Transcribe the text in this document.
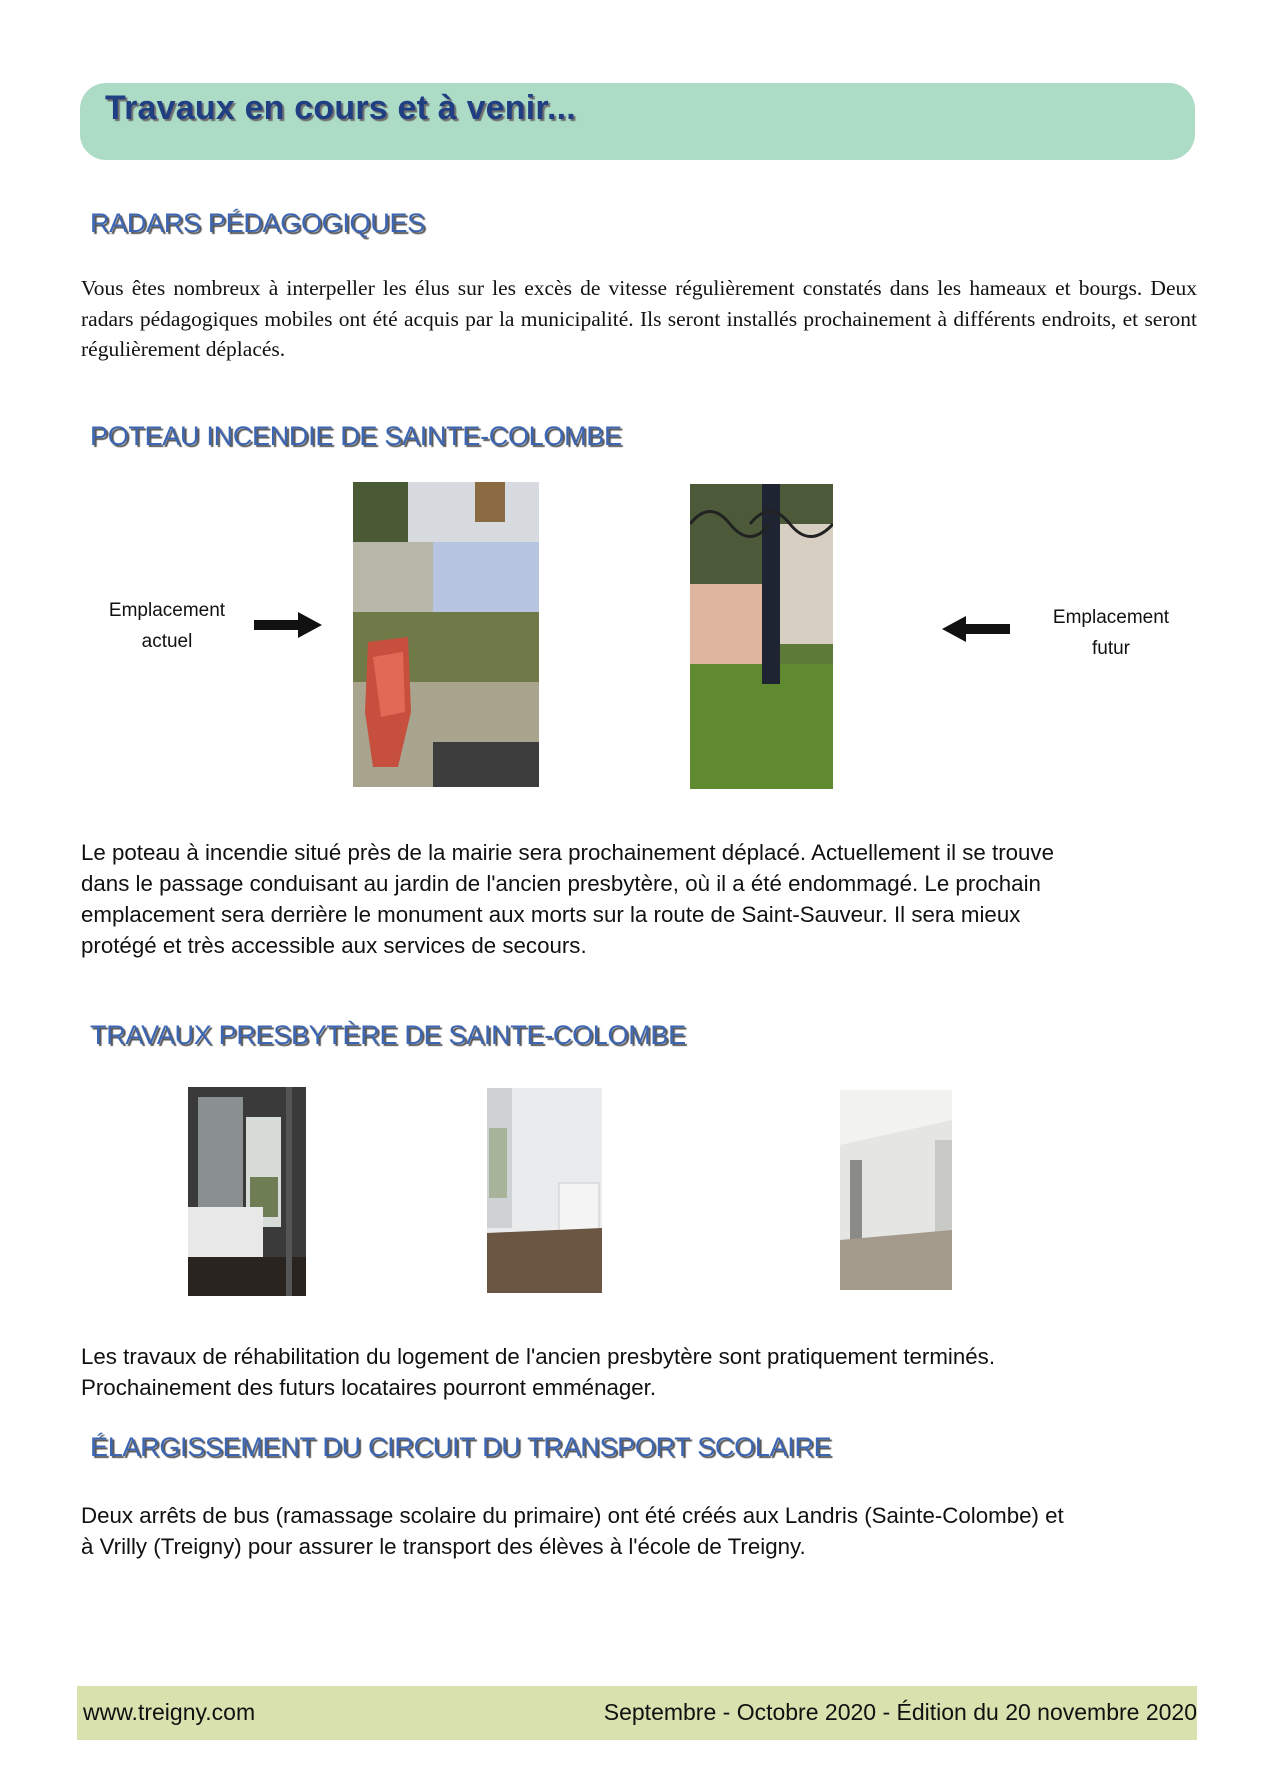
Travaux en cours et à venir...
RADARS PÉDAGOGIQUES

Vous êtes nombreux à interpeller les élus sur les excès de vitesse régulièrement constatés dans les hameaux et bourgs. Deux radars pédagogiques mobiles ont été acquis par la municipalité. Ils seront installés prochainement à différents endroits, et seront régulièrement déplacés.

POTEAU INCENDIE DE SAINTE-COLOMBE
Emplacement
actuel
Emplacement
futur
Le poteau à incendie situé près de la mairie sera prochainement déplacé. Actuellement il se trouve
dans le passage conduisant au jardin de l'ancien presbytère, où il a été endommagé. Le prochain
emplacement sera derrière le monument aux morts sur la route de Saint-Sauveur. Il sera mieux
protégé et très accessible aux services de secours.
TRAVAUX PRESBYTÈRE DE SAINTE-COLOMBE
Les travaux de réhabilitation du logement de l'ancien presbytère sont pratiquement terminés.
Prochainement des futurs locataires pourront emménager.
ÉLARGISSEMENT DU CIRCUIT DU TRANSPORT SCOLAIRE
Deux arrêts de bus (ramassage scolaire du primaire) ont été créés aux Landris (Sainte-Colombe) et
à Vrilly (Treigny) pour assurer le transport des élèves à l'école de Treigny.
www.treigny.com	Septembre - Octobre 2020 - Édition du 20 novembre 2020
